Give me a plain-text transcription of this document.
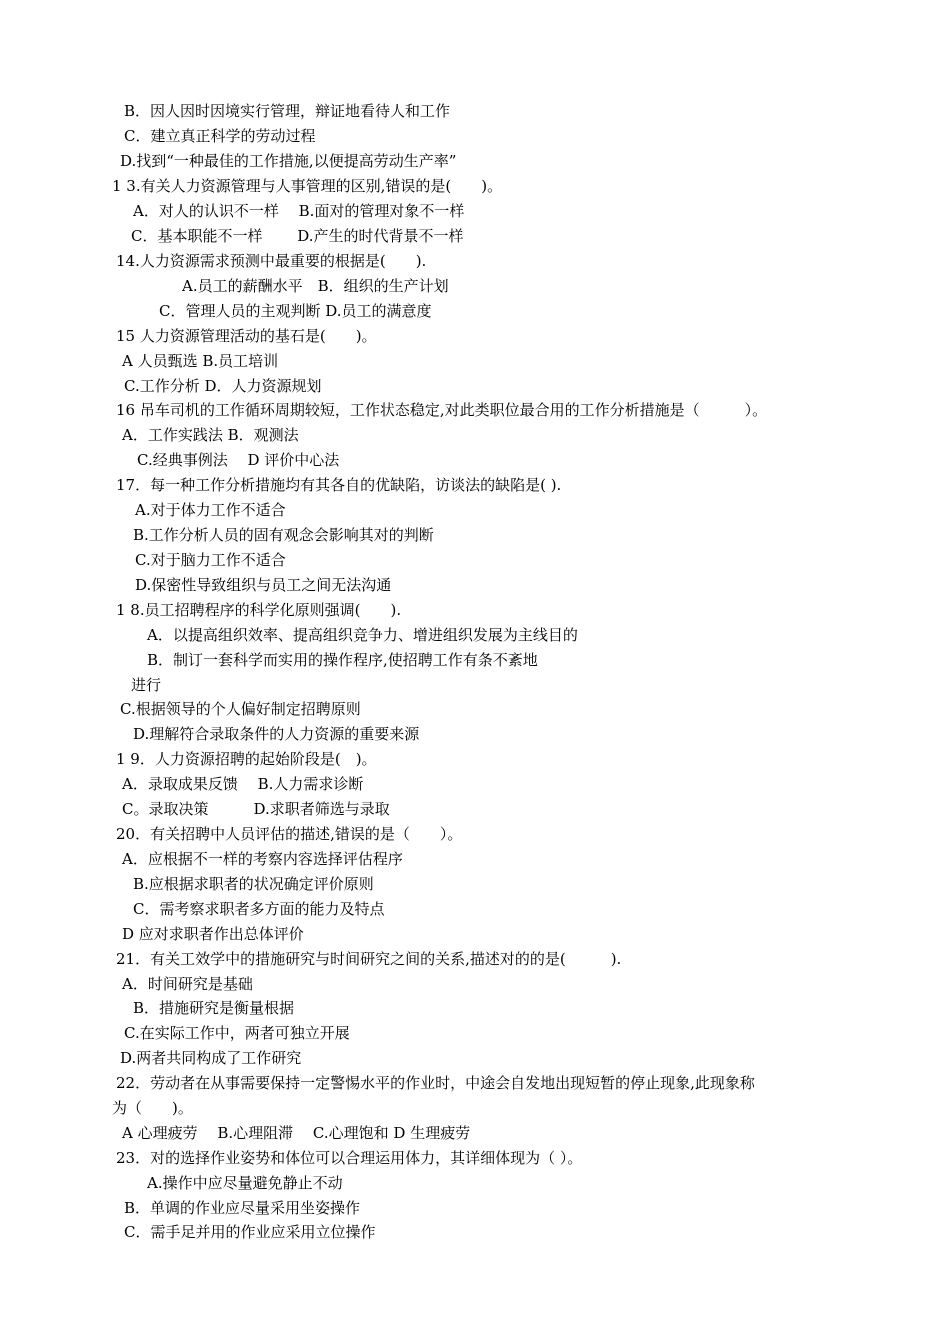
B．因人因时因境实行管理，辩证地看待人和工作
C．建立真正科学的劳动过程
D.找到“一种最佳的工作措施,以便提高劳动生产率”
1 3.有关人力资源管理与人事管理的区别,错误的是(　　)。
A．对人的认识不一样　 B.面对的管理对象不一样
C．基本职能不一样　　 D.产生的时代背景不一样
14.人力资源需求预测中最重要的根据是(　　).
A.员工的薪酬水平　B．组织的生产计划
C．管理人员的主观判断 D.员工的满意度
15 人力资源管理活动的基石是(　　)。
A 人员甄选 B.员工培训
C.工作分析 D．人力资源规划
16 吊车司机的工作循环周期较短，工作状态稳定,对此类职位最合用的工作分析措施是（　　　）。
A．工作实践法 B．观测法
C.经典事例法　 D 评价中心法
17．每一种工作分析措施均有其各自的优缺陷，访谈法的缺陷是( ).
A.对于体力工作不适合
B.工作分析人员的固有观念会影响其对的判断
C.对于脑力工作不适合
D.保密性导致组织与员工之间无法沟通
1 8.员工招聘程序的科学化原则强调(　　).
A．以提高组织效率、提高组织竞争力、增进组织发展为主线目的
B．制订一套科学而实用的操作程序,使招聘工作有条不紊地
进行
C.根据领导的个人偏好制定招聘原则
D.理解符合录取条件的人力资源的重要来源
1 9．人力资源招聘的起始阶段是(　)。
A．录取成果反馈　 B.人力需求诊断
C。录取决策　　　D.求职者筛选与录取
20．有关招聘中人员评估的描述,错误的是（　　）。
A．应根据不一样的考察内容选择评估程序
B.应根据求职者的状况确定评价原则
C．需考察求职者多方面的能力及特点
D 应对求职者作出总体评价
21．有关工效学中的措施研究与时间研究之间的关系,描述对的的是(　　　).
A．时间研究是基础
B．措施研究是衡量根据
C.在实际工作中，两者可独立开展
D.两者共同构成了工作研究
22．劳动者在从事需要保持一定警惕水平的作业时，中途会自发地出现短暂的停止现象,此现象称
为（　　)。
A 心理疲劳　 B.心理阻滞　 C.心理饱和 D 生理疲劳
23．对的选择作业姿势和体位可以合理运用体力，其详细体现为（ ）。
A.操作中应尽量避免静止不动
B．单调的作业应尽量采用坐姿操作
C．需手足并用的作业应采用立位操作
